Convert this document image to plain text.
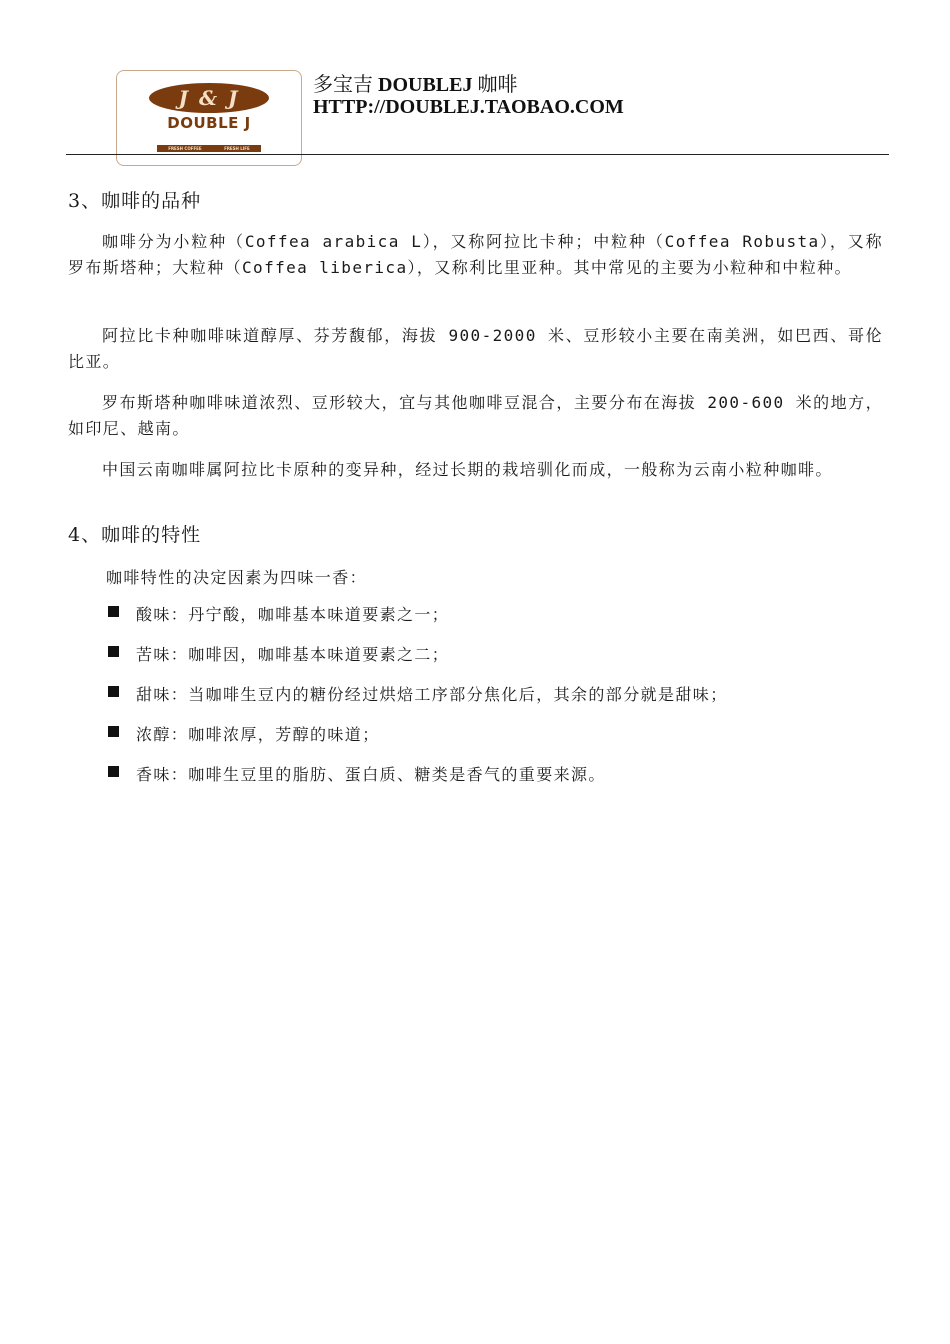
J & J
DOUBLE J
FRESH COFFEE	FRESH LIFE
多宝吉 DOUBLEJ 咖啡
HTTP://DOUBLEJ.TAOBAO.COM
3、咖啡的品种
咖啡分为小粒种（Coffea arabica L），又称阿拉比卡种；中粒种（Coffea Robusta），又称罗布斯塔种；大粒种（Coffea liberica），又称利比里亚种。其中常见的主要为小粒种和中粒种。
阿拉比卡种咖啡味道醇厚、芬芳馥郁，海拔 900-2000 米、豆形较小主要在南美洲，如巴西、哥伦比亚。
罗布斯塔种咖啡味道浓烈、豆形较大，宜与其他咖啡豆混合，主要分布在海拔 200-600 米的地方，如印尼、越南。
中国云南咖啡属阿拉比卡原种的变异种，经过长期的栽培驯化而成，一般称为云南小粒种咖啡。
4、咖啡的特性
咖啡特性的决定因素为四味一香：
酸味：丹宁酸，咖啡基本味道要素之一；
苦味：咖啡因，咖啡基本味道要素之二；
甜味：当咖啡生豆内的糖份经过烘焙工序部分焦化后，其余的部分就是甜味；
浓醇：咖啡浓厚，芳醇的味道；
香味：咖啡生豆里的脂肪、蛋白质、糖类是香气的重要来源。
